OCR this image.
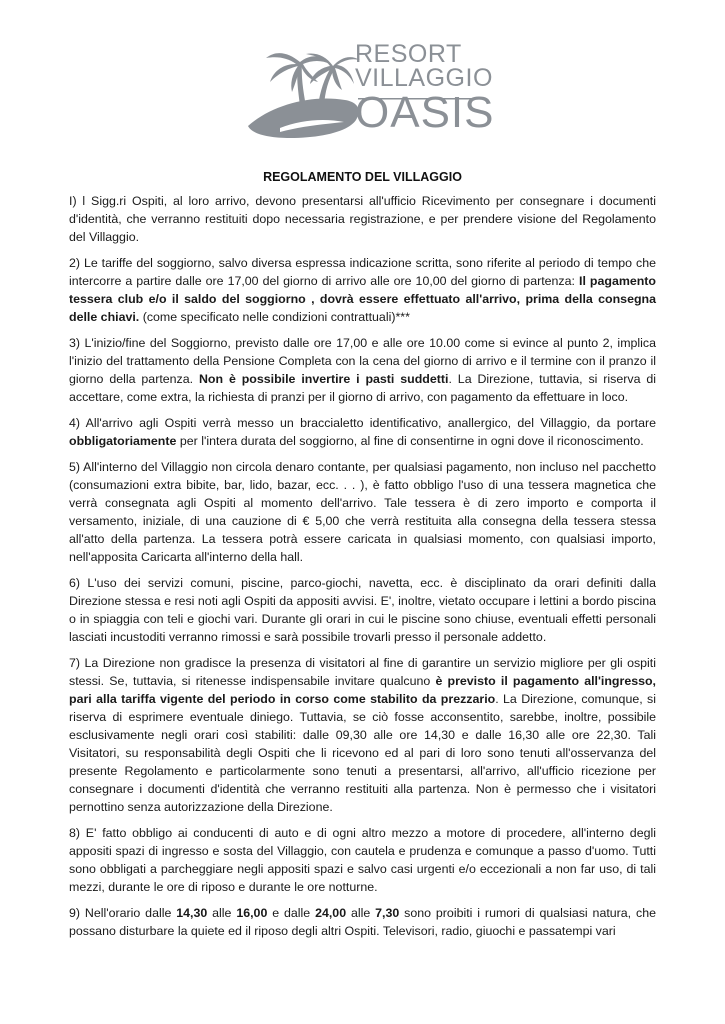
RESORT
VILLAGGIO
OASIS
REGOLAMENTO DEL VILLAGGIO

I) l Sigg.ri Ospiti, al loro arrivo, devono presentarsi all'ufficio Ricevimento per consegnare i documenti d'identità, che verranno restituiti dopo necessaria registrazione, e per prendere visione del Regolamento del Villaggio.

2) Le tariffe del soggiorno, salvo diversa espressa indicazione scritta, sono riferite al periodo di tempo che intercorre a partire dalle ore 17,00 del giorno di arrivo alle ore 10,00 del giorno di partenza: Il pagamento tessera club e/o il saldo del soggiorno , dovrà essere effettuato all'arrivo, prima della consegna delle chiavi. (come specificato nelle condizioni contrattuali)***

3) L'inizio/fine del Soggiorno, previsto dalle ore 17,00 e alle ore 10.00 come si evince al punto 2, implica l'inizio del trattamento della Pensione Completa con la cena del giorno di arrivo e il termine con il pranzo il giorno della partenza. Non è possibile invertire i pasti suddetti. La Direzione, tuttavia, si riserva di accettare, come extra, la richiesta di pranzi per il giorno di arrivo, con pagamento da effettuare in loco.

4) All'arrivo agli Ospiti verrà messo un braccialetto identificativo, anallergico, del Villaggio, da portare obbligatoriamente per l'intera durata del soggiorno, al fine di consentirne in ogni dove il riconoscimento.

5) All'interno del Villaggio non circola denaro contante, per qualsiasi pagamento, non incluso nel pacchetto (consumazioni extra bibite, bar, lido, bazar, ecc. . . ), è fatto obbligo l'uso di una tessera magnetica che verrà consegnata agli Ospiti al momento dell'arrivo. Tale tessera è di zero importo e comporta il versamento, iniziale, di una cauzione di € 5,00 che verrà restituita alla consegna della tessera stessa all'atto della partenza. La tessera potrà essere caricata in qualsiasi momento, con qualsiasi importo, nell'apposita Caricarta all'interno della hall.

6) L'uso dei servizi comuni, piscine, parco-giochi, navetta, ecc. è disciplinato da orari definiti dalla Direzione stessa e resi noti agli Ospiti da appositi avvisi. E', inoltre, vietato occupare i lettini a bordo piscina o in spiaggia con teli e giochi vari. Durante gli orari in cui le piscine sono chiuse, eventuali effetti personali lasciati incustoditi verranno rimossi e sarà possibile trovarli presso il personale addetto.

7) La Direzione non gradisce la presenza di visitatori al fine di garantire un servizio migliore per gli ospiti stessi. Se, tuttavia, si ritenesse indispensabile invitare qualcuno è previsto il pagamento all'ingresso, pari alla tariffa vigente del periodo in corso come stabilito da prezzario. La Direzione, comunque, si riserva di esprimere eventuale diniego. Tuttavia, se ciò fosse acconsentito, sarebbe, inoltre, possibile esclusivamente negli orari così stabiliti: dalle 09,30 alle ore 14,30 e dalle 16,30 alle ore 22,30. Tali Visitatori, su responsabilità degli Ospiti che li ricevono ed al pari di loro sono tenuti all'osservanza del presente Regolamento e particolarmente sono tenuti a presentarsi, all'arrivo, all'ufficio ricezione per consegnare i documenti d'identità che verranno restituiti alla partenza. Non è permesso che i visitatori pernottino senza autorizzazione della Direzione.

8) E' fatto obbligo ai conducenti di auto e di ogni altro mezzo a motore di procedere, all'interno degli appositi spazi di ingresso e sosta del Villaggio, con cautela e prudenza e comunque a passo d'uomo. Tutti sono obbligati a parcheggiare negli appositi spazi e salvo casi urgenti e/o eccezionali a non far uso, di tali mezzi, durante le ore di riposo e durante le ore notturne.

9) Nell'orario dalle 14,30 alle 16,00 e dalle 24,00 alle 7,30 sono proibiti i rumori di qualsiasi natura, che possano disturbare la quiete ed il riposo degli altri Ospiti. Televisori, radio, giuochi e passatempi vari
